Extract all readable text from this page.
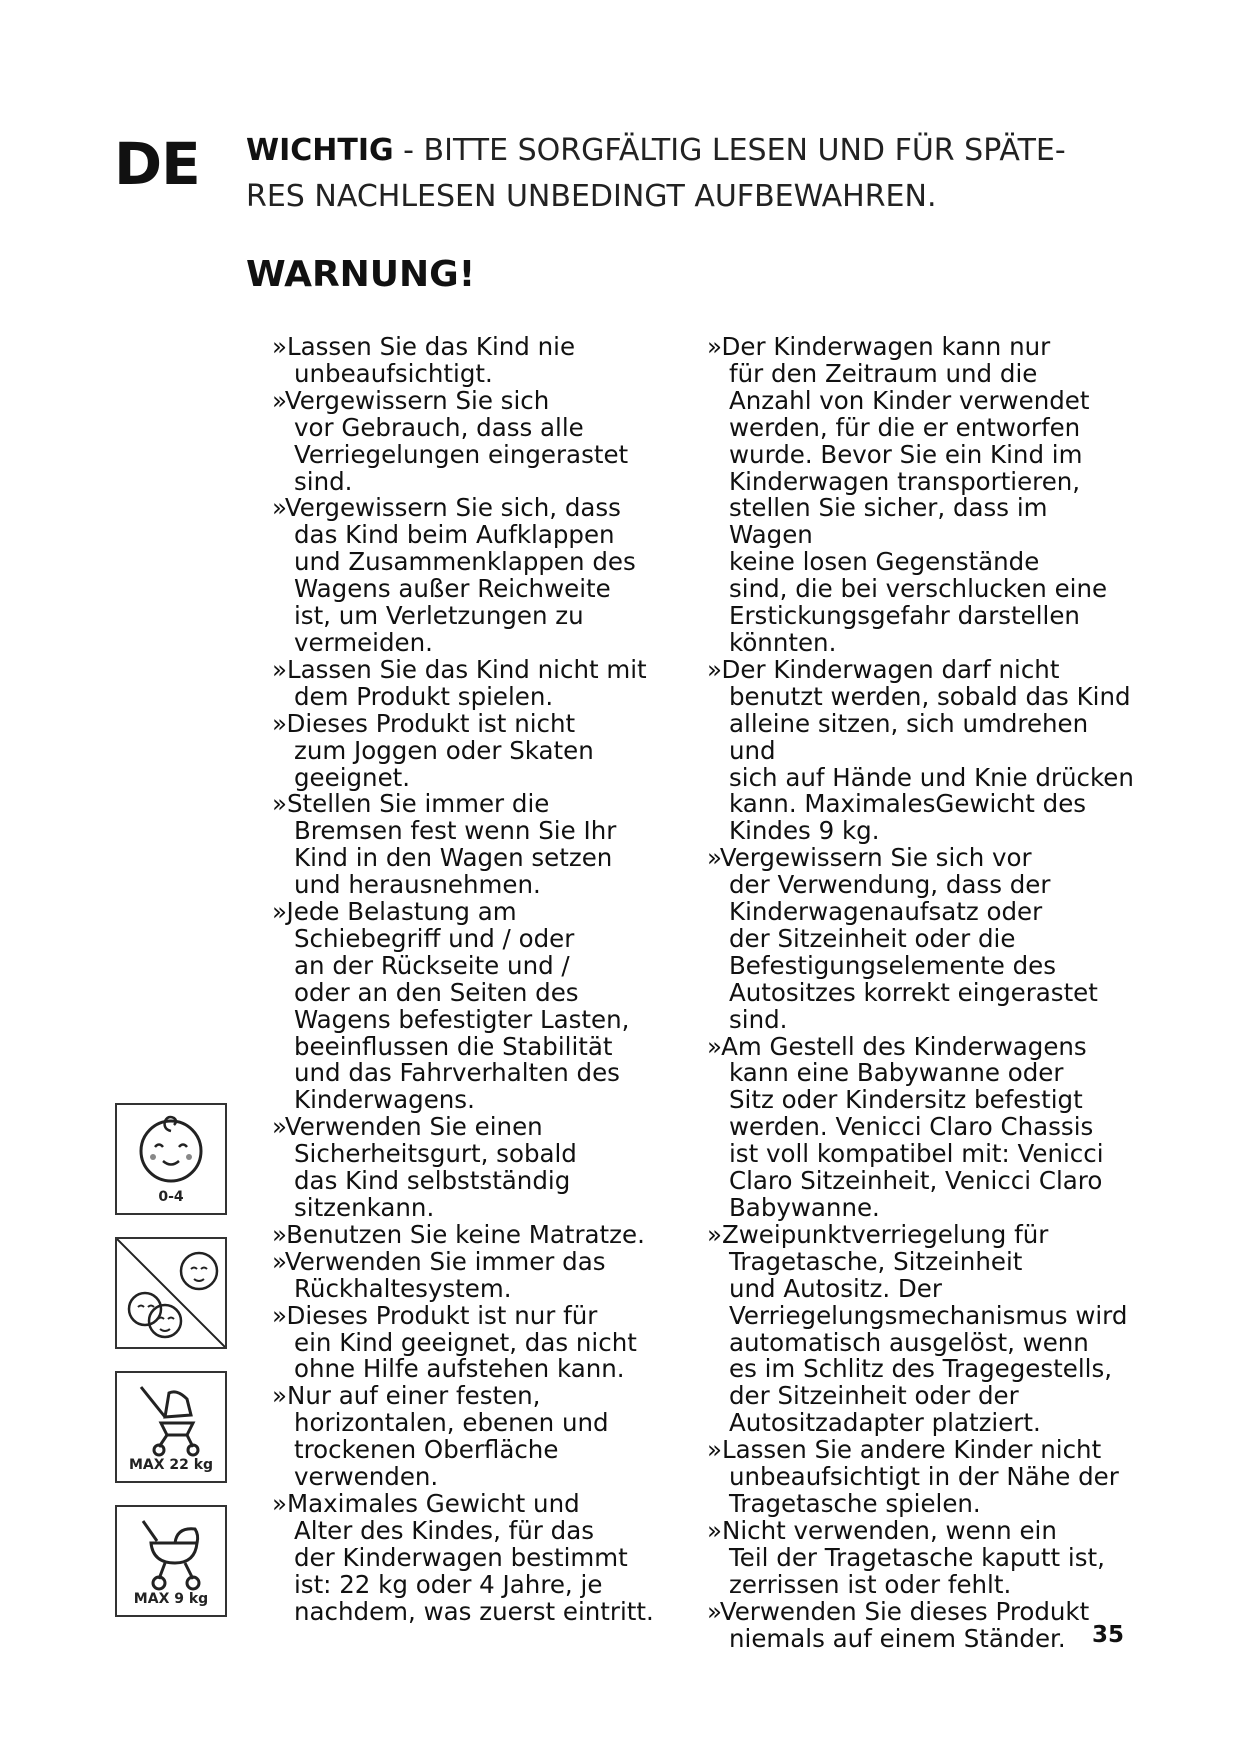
DE WICHTIG - BITTE SORGFÄLTIG LESEN UND FÜR SPÄTE-
RES NACHLESEN UNBEDINGT AUFBEWAHREN.
WARNUNG!
»Lassen Sie das Kind nie
unbeaufsichtigt.
»Vergewissern Sie sich
vor Gebrauch, dass alle
Verriegelungen eingerastet
sind.
»Vergewissern Sie sich, dass
das Kind beim Aufklappen
und Zusammenklappen des
Wagens außer Reichweite
ist, um Verletzungen zu
vermeiden.
»Lassen Sie das Kind nicht mit
dem Produkt spielen.
»Dieses Produkt ist nicht
zum Joggen oder Skaten
geeignet.
»Stellen Sie immer die
Bremsen fest wenn Sie Ihr
Kind in den Wagen setzen
und herausnehmen.
»Jede Belastung am
Schiebegriff und / oder
an der Rückseite und /
oder an den Seiten des
Wagens befestigter Lasten,
beeinflussen die Stabilität
und das Fahrverhalten des
Kinderwagens.
»Verwenden Sie einen
Sicherheitsgurt, sobald
das Kind selbstständig
sitzenkann.
»Benutzen Sie keine Matratze.
»Verwenden Sie immer das
Rückhaltesystem.
»Dieses Produkt ist nur für
ein Kind geeignet, das nicht
ohne Hilfe aufstehen kann.
»Nur auf einer festen,
horizontalen, ebenen und
trockenen Oberfläche
verwenden.
»Maximales Gewicht und
Alter des Kindes, für das
der Kinderwagen bestimmt
ist: 22 kg oder 4 Jahre, je
nachdem, was zuerst eintritt.
»Der Kinderwagen kann nur
für den Zeitraum und die
Anzahl von Kinder verwendet
werden, für die er entworfen
wurde. Bevor Sie ein Kind im
Kinderwagen transportieren,
stellen Sie sicher, dass im Wagen
keine losen Gegenstände
sind, die bei verschlucken eine
Erstickungsgefahr darstellen
könnten.
»Der Kinderwagen darf nicht
benutzt werden, sobald das Kind
alleine sitzen, sich umdrehen und
sich auf Hände und Knie drücken
kann. MaximalesGewicht des
Kindes 9 kg.
»Vergewissern Sie sich vor
der Verwendung, dass der
Kinderwagenaufsatz oder
der Sitzeinheit oder die
Befestigungselemente des
Autositzes korrekt eingerastet
sind.
»Am Gestell des Kinderwagens
kann eine Babywanne oder
Sitz oder Kindersitz befestigt
werden. Venicci Claro Chassis
ist voll kompatibel mit: Venicci
Claro Sitzeinheit, Venicci Claro
Babywanne.
»Zweipunktverriegelung für
Tragetasche, Sitzeinheit
und Autositz. Der
Verriegelungsmechanismus wird
automatisch ausgelöst, wenn
es im Schlitz des Tragegestells,
der Sitzeinheit oder der
Autositzadapter platziert.
»Lassen Sie andere Kinder nicht
unbeaufsichtigt in der Nähe der
Tragetasche spielen.
»Nicht verwenden, wenn ein
Teil der Tragetasche kaputt ist,
zerrissen ist oder fehlt.
»Verwenden Sie dieses Produkt
niemals auf einem Ständer.
0-4
MAX 22 kg
MAX 9 kg
35
